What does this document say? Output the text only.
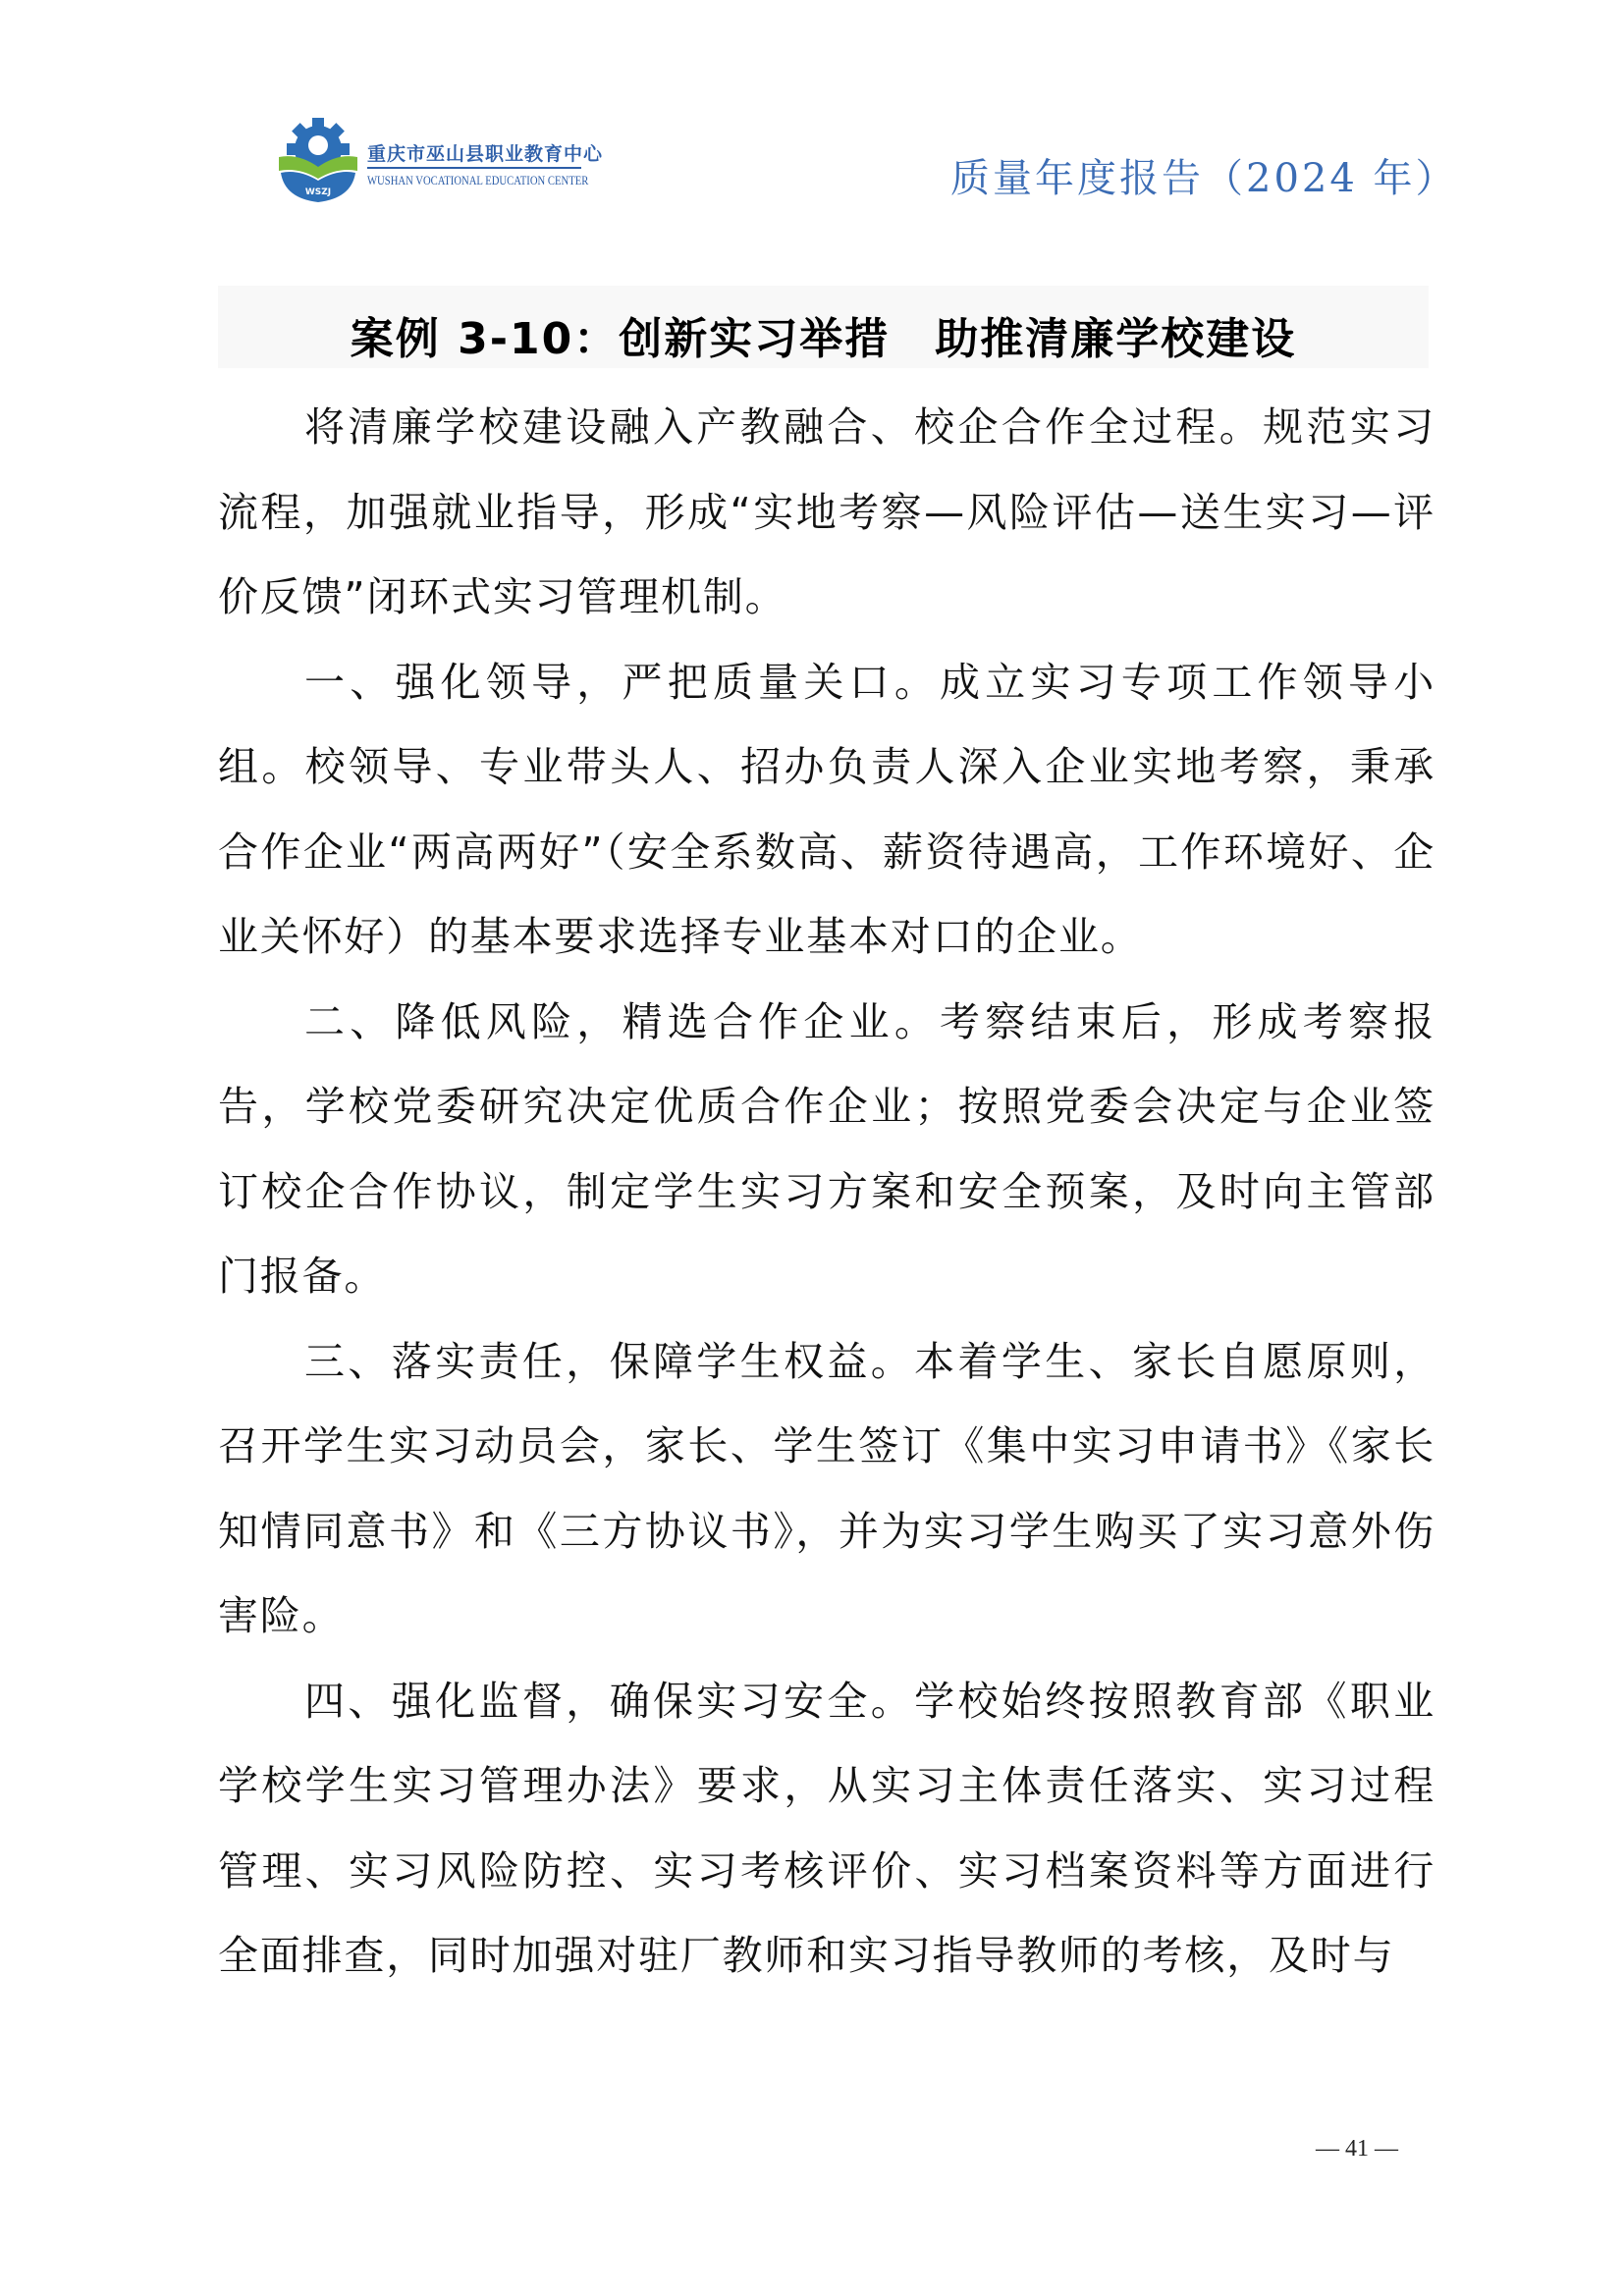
WSZJ
重庆市巫山县职业教育中心
WUSHAN VOCATIONAL EDUCATION CENTER	质量年度报告（2024 年）
案例 3-10：创新实习举措　助推清廉学校建设

将清廉学校建设融入产教融合、校企合作全过程。规范实习流程，加强就业指导，形成“实地考察—风险评估—送生实习—评价反馈”闭环式实习管理机制。

一、强化领导，严把质量关口。成立实习专项工作领导小组。校领导、专业带头人、招办负责人深入企业实地考察，秉承合作企业“两高两好”（安全系数高、薪资待遇高，工作环境好、企业关怀好）的基本要求选择专业基本对口的企业。

二、降低风险，精选合作企业。考察结束后，形成考察报告，学校党委研究决定优质合作企业；按照党委会决定与企业签订校企合作协议，制定学生实习方案和安全预案，及时向主管部门报备。

三、落实责任，保障学生权益。本着学生、家长自愿原则，召开学生实习动员会，家长、学生签订《集中实习申请书》《家长知情同意书》和《三方协议书》，并为实习学生购买了实习意外伤害险。

四、强化监督，确保实习安全。学校始终按照教育部《职业学校学生实习管理办法》要求，从实习主体责任落实、实习过程管理、实习风险防控、实习考核评价、实习档案资料等方面进行全面排查，同时加强对驻厂教师和实习指导教师的考核，及时与

— 41 —
